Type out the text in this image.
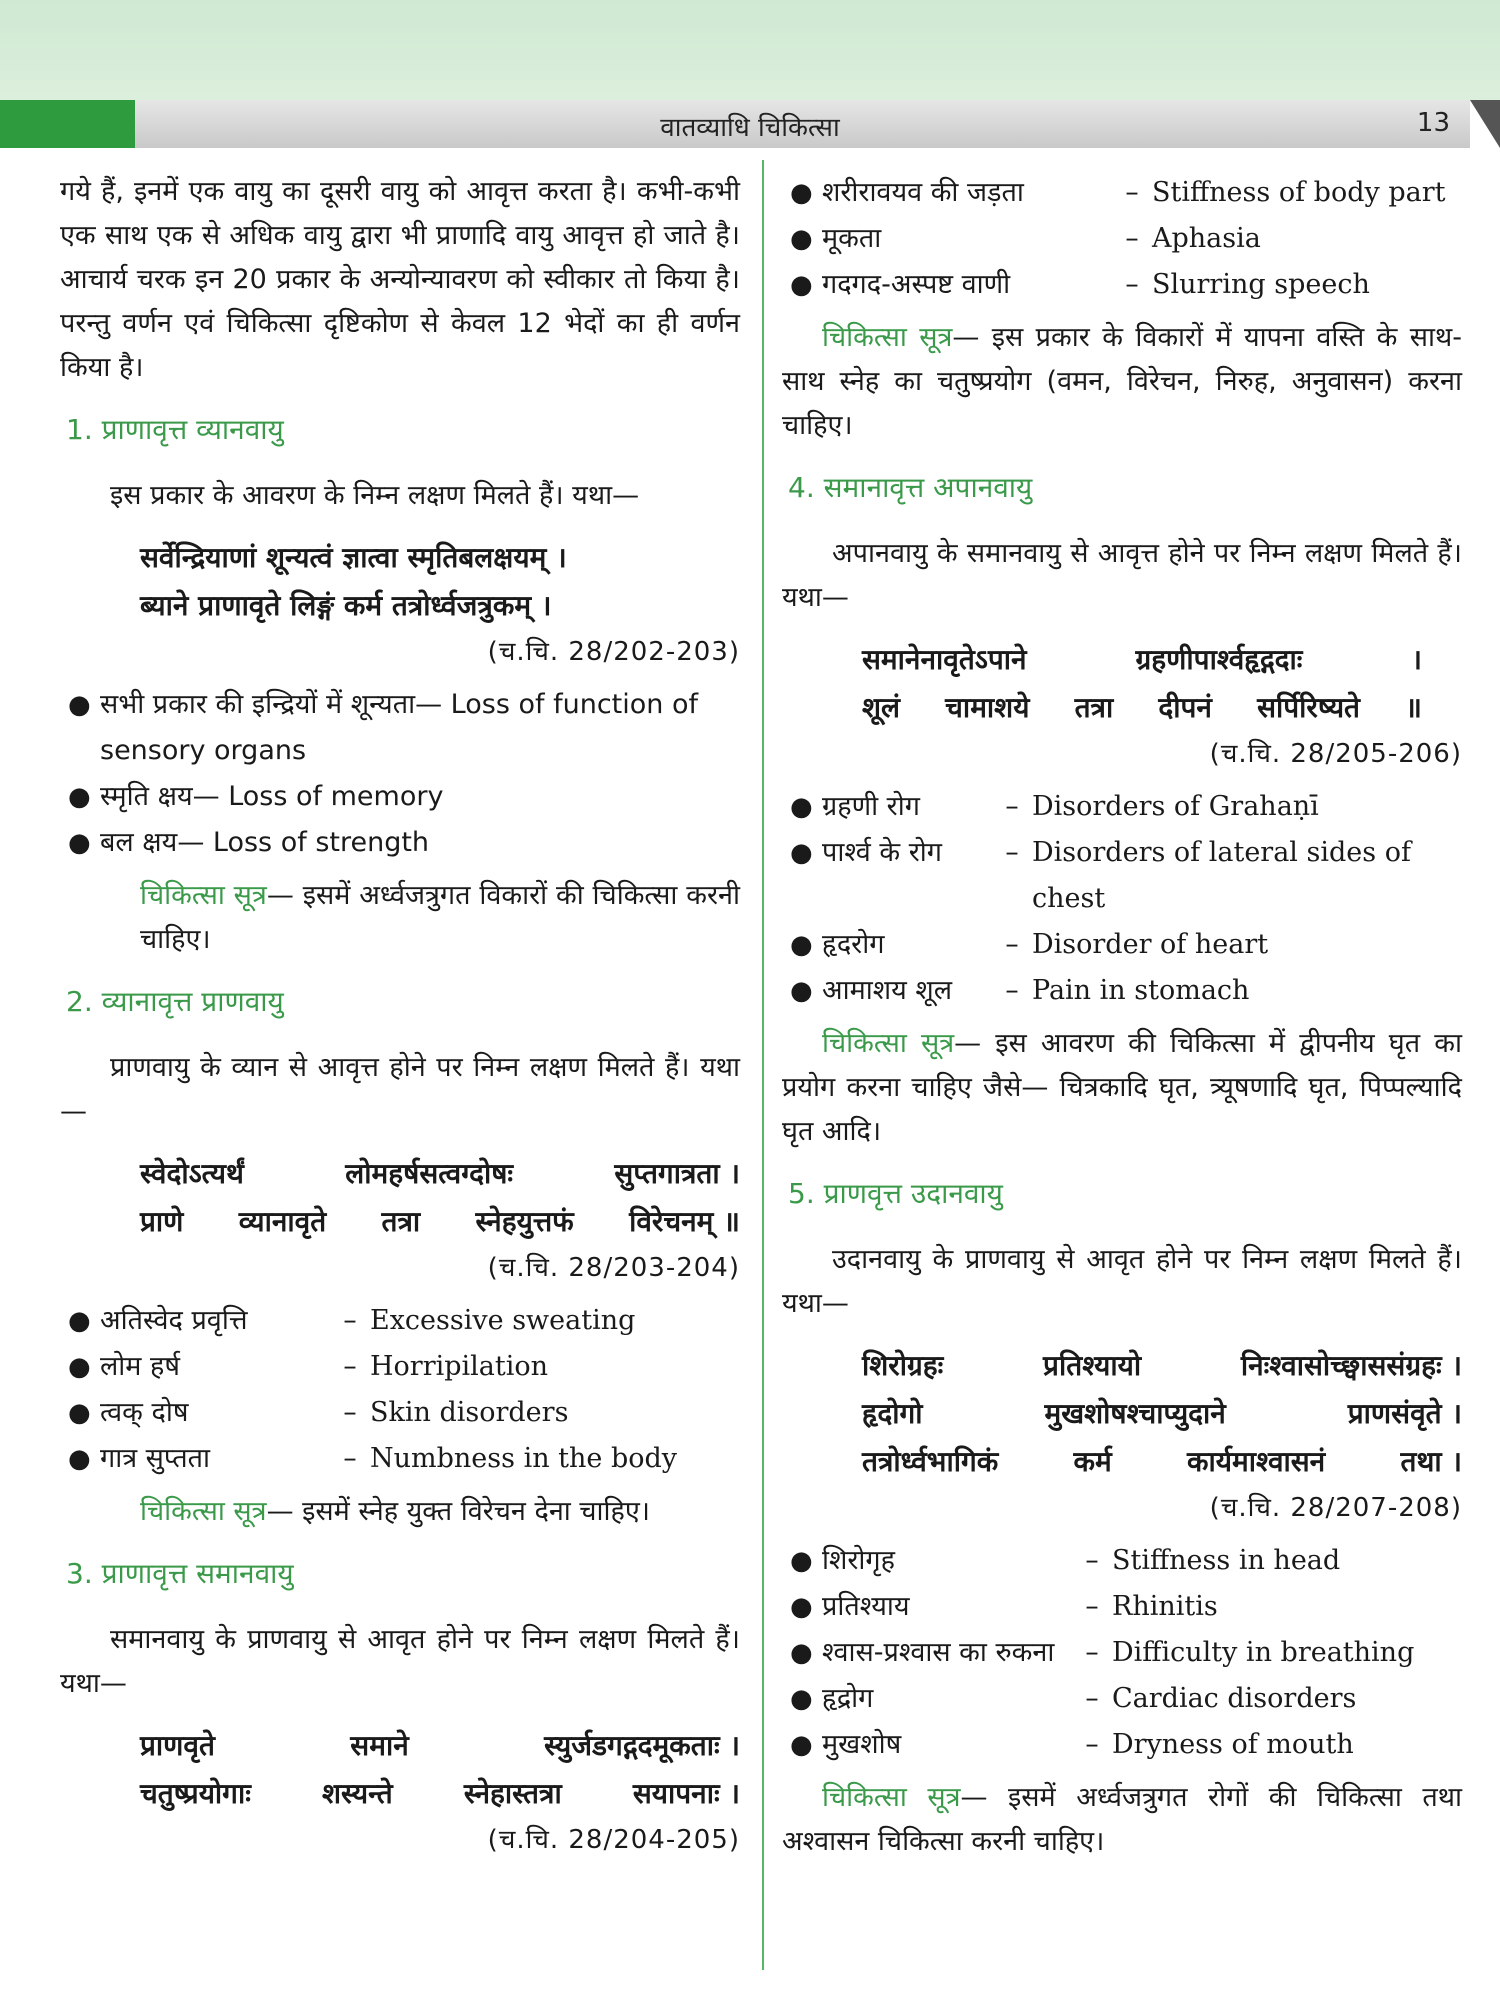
वातव्याधि चिकित्सा	13

गये हैं, इनमें एक वायु का दूसरी वायु को आवृत्त करता है। कभी-कभी एक साथ एक से अधिक वायु द्वारा भी प्राणादि वायु आवृत्त हो जाते है। आचार्य चरक इन 20 प्रकार के अन्योन्यावरण को स्वीकार तो किया है। परन्तु वर्णन एवं चिकित्सा दृष्टिकोण से केवल 12 भेदों का ही वर्णन किया है।

1. प्राणावृत्त व्यानवायु

इस प्रकार के आवरण के निम्न लक्षण मिलते हैं। यथा—

सर्वेन्द्रियाणां शून्यत्वं ज्ञात्वा स्मृतिबलक्षयम् ।
ब्याने प्राणावृते लिङ्गं कर्म तत्रोर्ध्वजत्रुकम् ।
(च.चि. 28/202-203)
● सभी प्रकार की इन्द्रियों में शून्यता— Loss of function of sensory organs
● स्मृति क्षय— Loss of memory
● बल क्षय— Loss of strength

चिकित्सा सूत्र— इसमें अर्ध्वजत्रुगत विकारों की चिकित्सा करनी चाहिए।

2. व्यानावृत्त प्राणवायु

प्राणवायु के व्यान से आवृत्त होने पर निम्न लक्षण मिलते हैं। यथा—

स्वेदोऽत्यर्थं	लोमहर्षसत्वग्दोषः	सुप्तगात्रता ।
प्राणे व्यानावृते तत्रा स्नेहयुत्तफं विरेचनम् ॥
(च.चि. 28/203-204)
● अतिस्वेद प्रवृत्ति	– Excessive sweating
● लोम हर्ष	– Horripilation
● त्वक् दोष	– Skin disorders
● गात्र सुप्तता	– Numbness in the body

चिकित्सा सूत्र— इसमें स्नेह युक्त विरेचन देना चाहिए।

3. प्राणावृत्त समानवायु

समानवायु के प्राणवायु से आवृत होने पर निम्न लक्षण मिलते हैं। यथा—

प्राणवृते	समाने	स्युर्जडगद्गदमूकताः ।
चतुष्प्रयोगाः	शस्यन्ते	स्नेहास्तत्रा	सयापनाः ।
(च.चि. 28/204-205)
● शरीरावयव की जड़ता	– Stiffness of body part
● मूकता	– Aphasia
● गदगद-अस्पष्ट वाणी	– Slurring speech

चिकित्सा सूत्र— इस प्रकार के विकारों में यापना वस्ति के साथ-साथ स्नेह का चतुष्प्रयोग (वमन, विरेचन, निरुह, अनुवासन) करना चाहिए।

4. समानावृत्त अपानवायु

अपानवायु के समानवायु से आवृत्त होने पर निम्न लक्षण मिलते हैं। यथा—

समानेनावृतेऽपाने	ग्रहणीपार्श्वहृद्गदाः	।
शूलं चामाशये तत्रा दीपनं सर्पिरिष्यते ॥
(च.चि. 28/205-206)
● ग्रहणी रोग	– Disorders of Grahaṇī
● पार्श्व के रोग	– Disorders of lateral sides of chest
● हृदरोग	– Disorder of heart
● आमाशय शूल	– Pain in stomach

चिकित्सा सूत्र— इस आवरण की चिकित्सा में द्वीपनीय घृत का प्रयोग करना चाहिए जैसे— चित्रकादि घृत, त्र्यूषणादि घृत, पिप्पल्यादि घृत आदि।

5. प्राणवृत्त उदानवायु

उदानवायु के प्राणवायु से आवृत होने पर निम्न लक्षण मिलते हैं। यथा—

शिरोग्रहः	प्रतिश्यायो	निःश्वासोच्छ्वाससंग्रहः ।
हृदोगो	मुखशोषश्चाप्युदाने	प्राणसंवृते ।
तत्रोर्ध्वभागिकं	कर्म	कार्यमाश्वासनं	तथा ।
(च.चि. 28/207-208)
● शिरोगृह	– Stiffness in head
● प्रतिश्याय	– Rhinitis
● श्वास-प्रश्वास का रुकना	– Difficulty in breathing
● हृद्रोग	– Cardiac disorders
● मुखशोष	– Dryness of mouth

चिकित्सा सूत्र— इसमें अर्ध्वजत्रुगत रोगों की चिकित्सा तथा अश्वासन चिकित्सा करनी चाहिए।
